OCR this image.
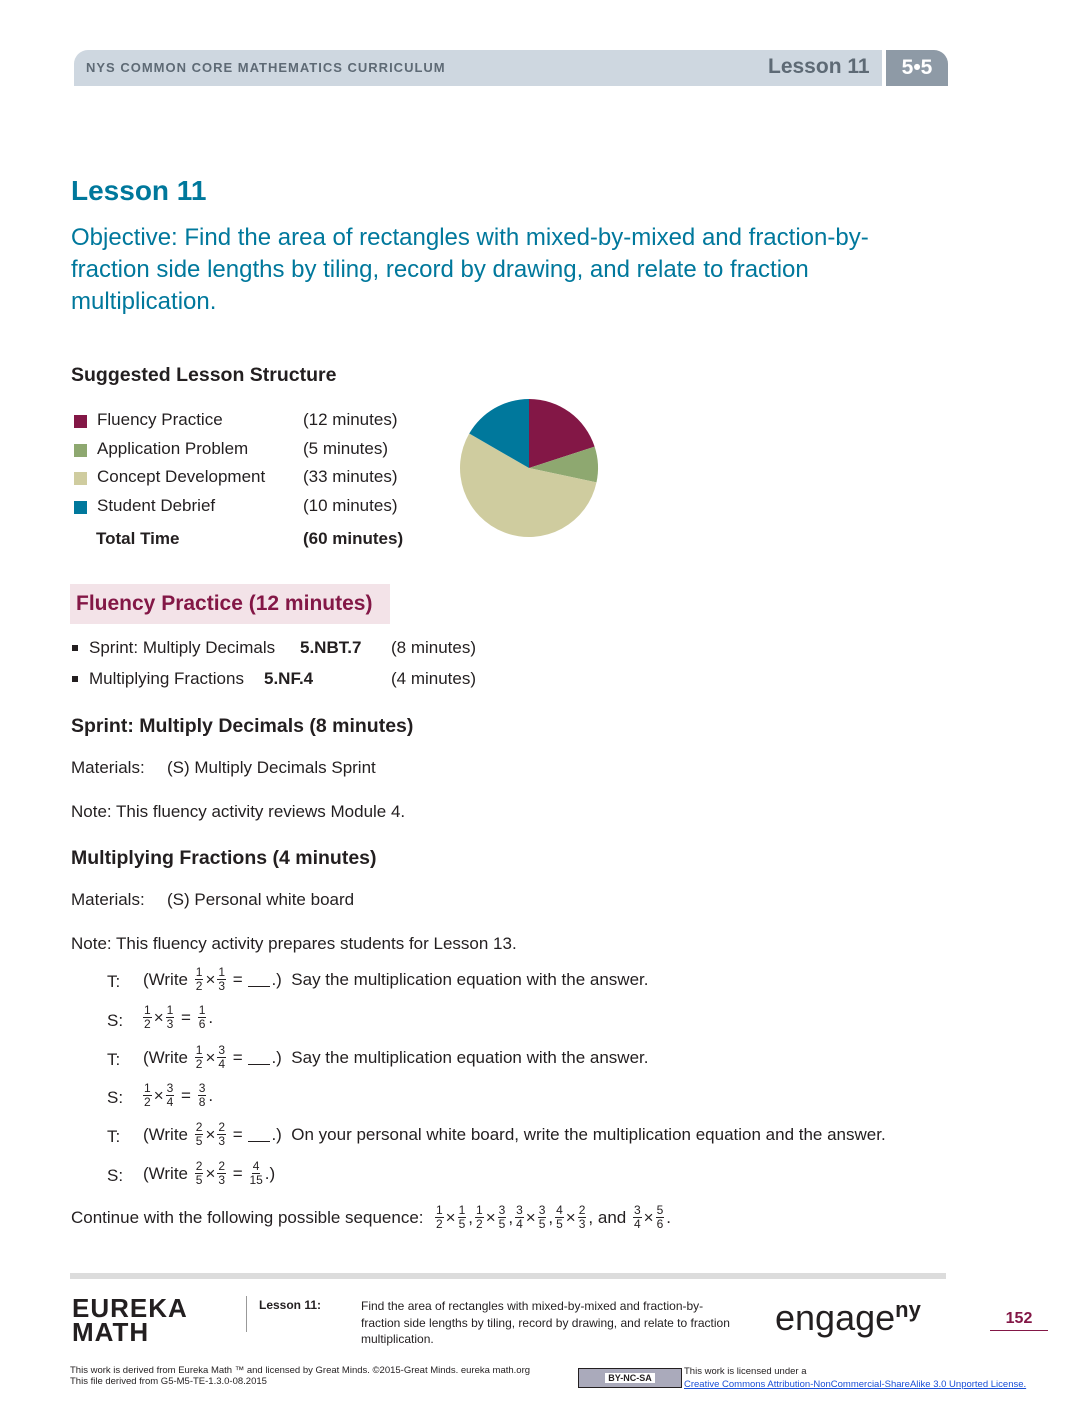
NYS COMMON CORE MATHEMATICS CURRICULUM	Lesson 11	5•5
Lesson 11
Objective: Find the area of rectangles with mixed-by-mixed and fraction-by-fraction side lengths by tiling, record by drawing, and relate to fraction multiplication.
Suggested Lesson Structure
Fluency Practice	(12 minutes)
Application Problem	(5 minutes)
Concept Development (33 minutes)
Student Debrief	(10 minutes)
Total Time	(60 minutes)
Fluency Practice (12 minutes)
Sprint: Multiply Decimals 5.NBT.7 (8 minutes)
Multiplying Fractions 5.NF.4	(4 minutes)
Sprint: Multiply Decimals (8 minutes)
Materials: (S) Multiply Decimals Sprint
Note: This fluency activity reviews Module 4.
Multiplying Fractions (4 minutes)
Materials: (S) Personal white board
Note: This fluency activity prepares students for Lesson 13.
T: (Write
$\frac{1}{2} \times \frac{1}{3}$ =
.) Say the multiplication equation with the answer.
S: $\frac{1}{2} \times \frac{1}{3} = \frac{1}{6}$ .
T: (Write
$\frac{1}{2} \times \frac{3}{4}$ =
.) Say the multiplication equation with the answer.
S: $\frac{1}{2} \times \frac{3}{4} = \frac{3}{8}$ .
T: (Write
$\frac{2}{5} \times \frac{2}{3}$ =
.) On your personal white board, write the multiplication equation and the answer.
S: (Write
$\frac{2}{5} \times \frac{2}{3} = \frac{4}{15}$ .)
Continue with the following possible sequence:
$\frac{1}{2} \times \frac{1}{5}$ , $\frac{1}{2} \times \frac{3}{5}$ , $\frac{3}{4} \times \frac{3}{5}$ , $\frac{4}{5} \times \frac{2}{3}$ , and
$\frac{3}{4} \times \frac{5}{6}$ .
EUREKA
MATH
Lesson 11:	Find the area of rectangles with mixed-by-mixed and fraction-by-fraction side lengths by tiling, record by drawing, and relate to fraction multiplication.
engage$^{ny}$	152
This work is derived from Eureka Math ™ and licensed by Great Minds. ©2015-Great Minds. eureka math.org
This file derived from G5-M5-TE-1.3.0-08.2015	BY-NC-SA
This work is licensed under a
Creative Commons Attribution-NonCommercial-ShareAlike 3.0 Unported License.
